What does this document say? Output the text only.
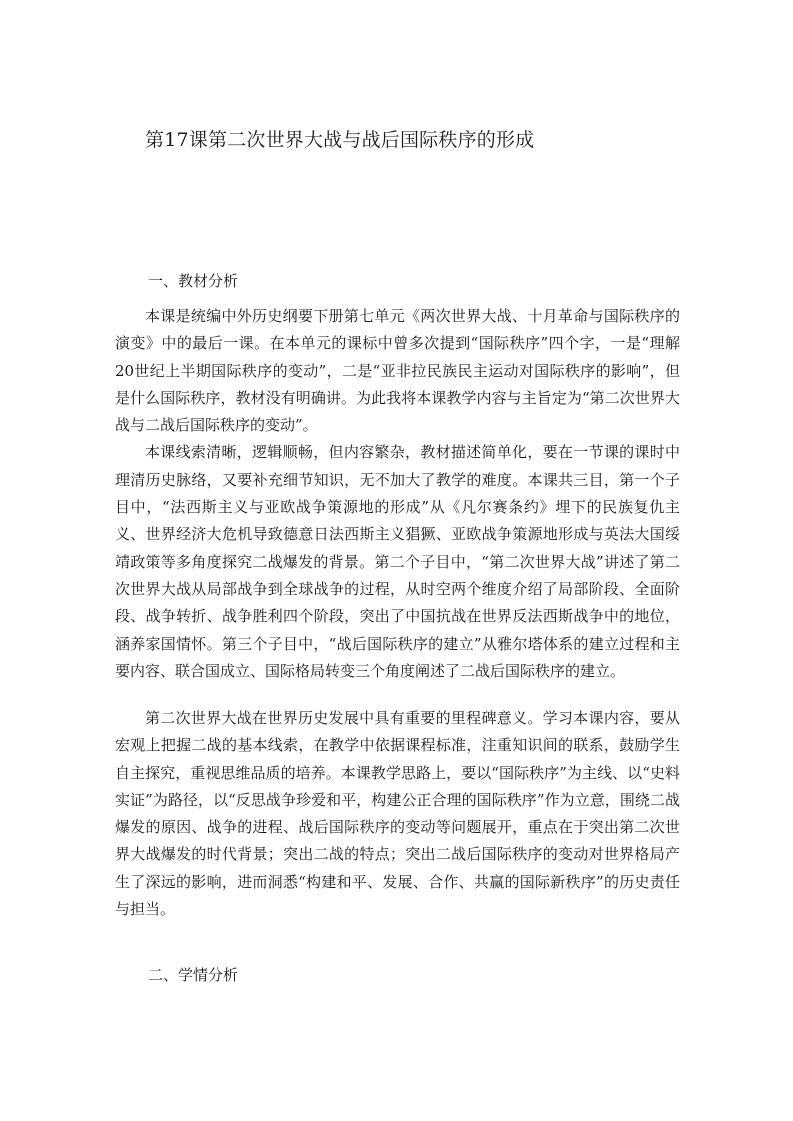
第17课第二次世界大战与战后国际秩序的形成
一、教材分析

本课是统编中外历史纲要下册第七单元《两次世界大战、十月革命与国际秩序的演变》中的最后一课。在本单元的课标中曾多次提到“国际秩序”四个字，一是“理解20世纪上半期国际秩序的变动”，二是“亚非拉民族民主运动对国际秩序的影响”，但是什么国际秩序，教材没有明确讲。为此我将本课教学内容与主旨定为“第二次世界大战与二战后国际秩序的变动”。

本课线索清晰，逻辑顺畅，但内容繁杂，教材描述简单化，要在一节课的课时中理清历史脉络，又要补充细节知识，无不加大了教学的难度。本课共三目，第一个子目中，“法西斯主义与亚欧战争策源地的形成”从《凡尔赛条约》埋下的民族复仇主义、世界经济大危机导致德意日法西斯主义猖獗、亚欧战争策源地形成与英法大国绥靖政策等多角度探究二战爆发的背景。第二个子目中，“第二次世界大战”讲述了第二次世界大战从局部战争到全球战争的过程，从时空两个维度介绍了局部阶段、全面阶段、战争转折、战争胜利四个阶段，突出了中国抗战在世界反法西斯战争中的地位，涵养家国情怀。第三个子目中，“战后国际秩序的建立”从雅尔塔体系的建立过程和主要内容、联合国成立、国际格局转变三个角度阐述了二战后国际秩序的建立。

第二次世界大战在世界历史发展中具有重要的里程碑意义。学习本课内容，要从宏观上把握二战的基本线索，在教学中依据课程标准，注重知识间的联系，鼓励学生自主探究，重视思维品质的培养。本课教学思路上，要以“国际秩序”为主线、以“史料实证”为路径，以“反思战争珍爱和平，构建公正合理的国际秩序”作为立意，围绕二战爆发的原因、战争的进程、战后国际秩序的变动等问题展开，重点在于突出第二次世界大战爆发的时代背景；突出二战的特点；突出二战后国际秩序的变动对世界格局产生了深远的影响，进而洞悉“构建和平、发展、合作、共赢的国际新秩序”的历史责任与担当。

二、学情分析
